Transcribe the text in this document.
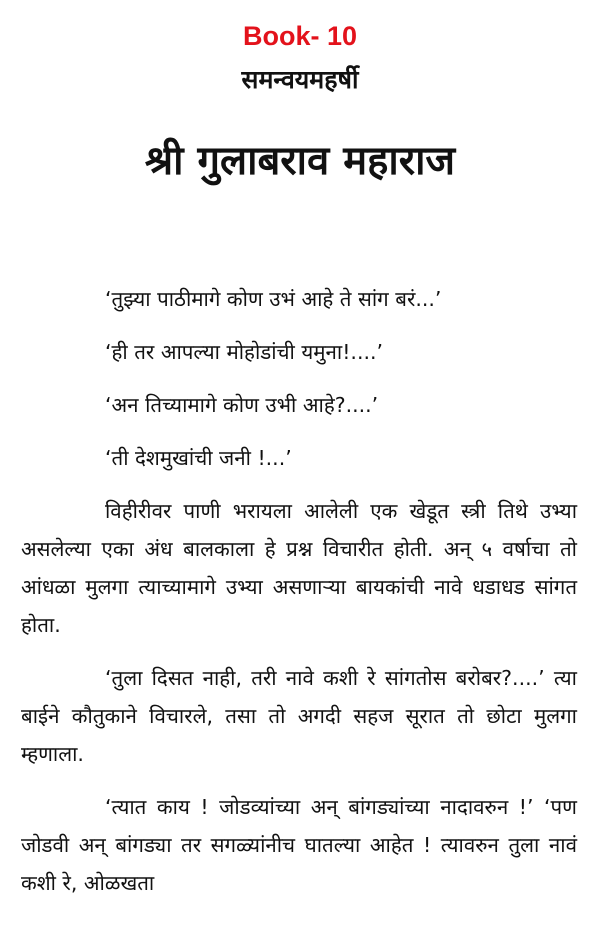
Book- 10
समन्वयमहर्षी
श्री गुलाबराव महाराज

‘तुझ्या पाठीमागे कोण उभं आहे ते सांग बरं...’

‘ही तर आपल्या मोहोडांची यमुना!....’

‘अन तिच्यामागे कोण उभी आहे?....’

‘ती देशमुखांची जनी !...’

विहीरीवर पाणी भरायला आलेली एक खेडूत स्त्री तिथे उभ्या असलेल्या एका अंध बालकाला हे प्रश्न विचारीत होती. अन् ५ वर्षाचा तो आंधळा मुलगा त्याच्यामागे उभ्या असणाऱ्या बायकांची नावे धडाधड सांगत होता.

‘तुला दिसत नाही, तरी नावे कशी रे सांगतोस बरोबर?....’ त्या बाईने कौतुकाने विचारले, तसा तो अगदी सहज सूरात तो छोटा मुलगा म्हणाला.

‘त्यात काय ! जोडव्यांच्या अन् बांगड्यांच्या नादावरुन !’ ‘पण जोडवी अन् बांगड्या तर सगळ्यांनीच घातल्या आहेत ! त्यावरुन तुला नावं कशी रे, ओळखता
